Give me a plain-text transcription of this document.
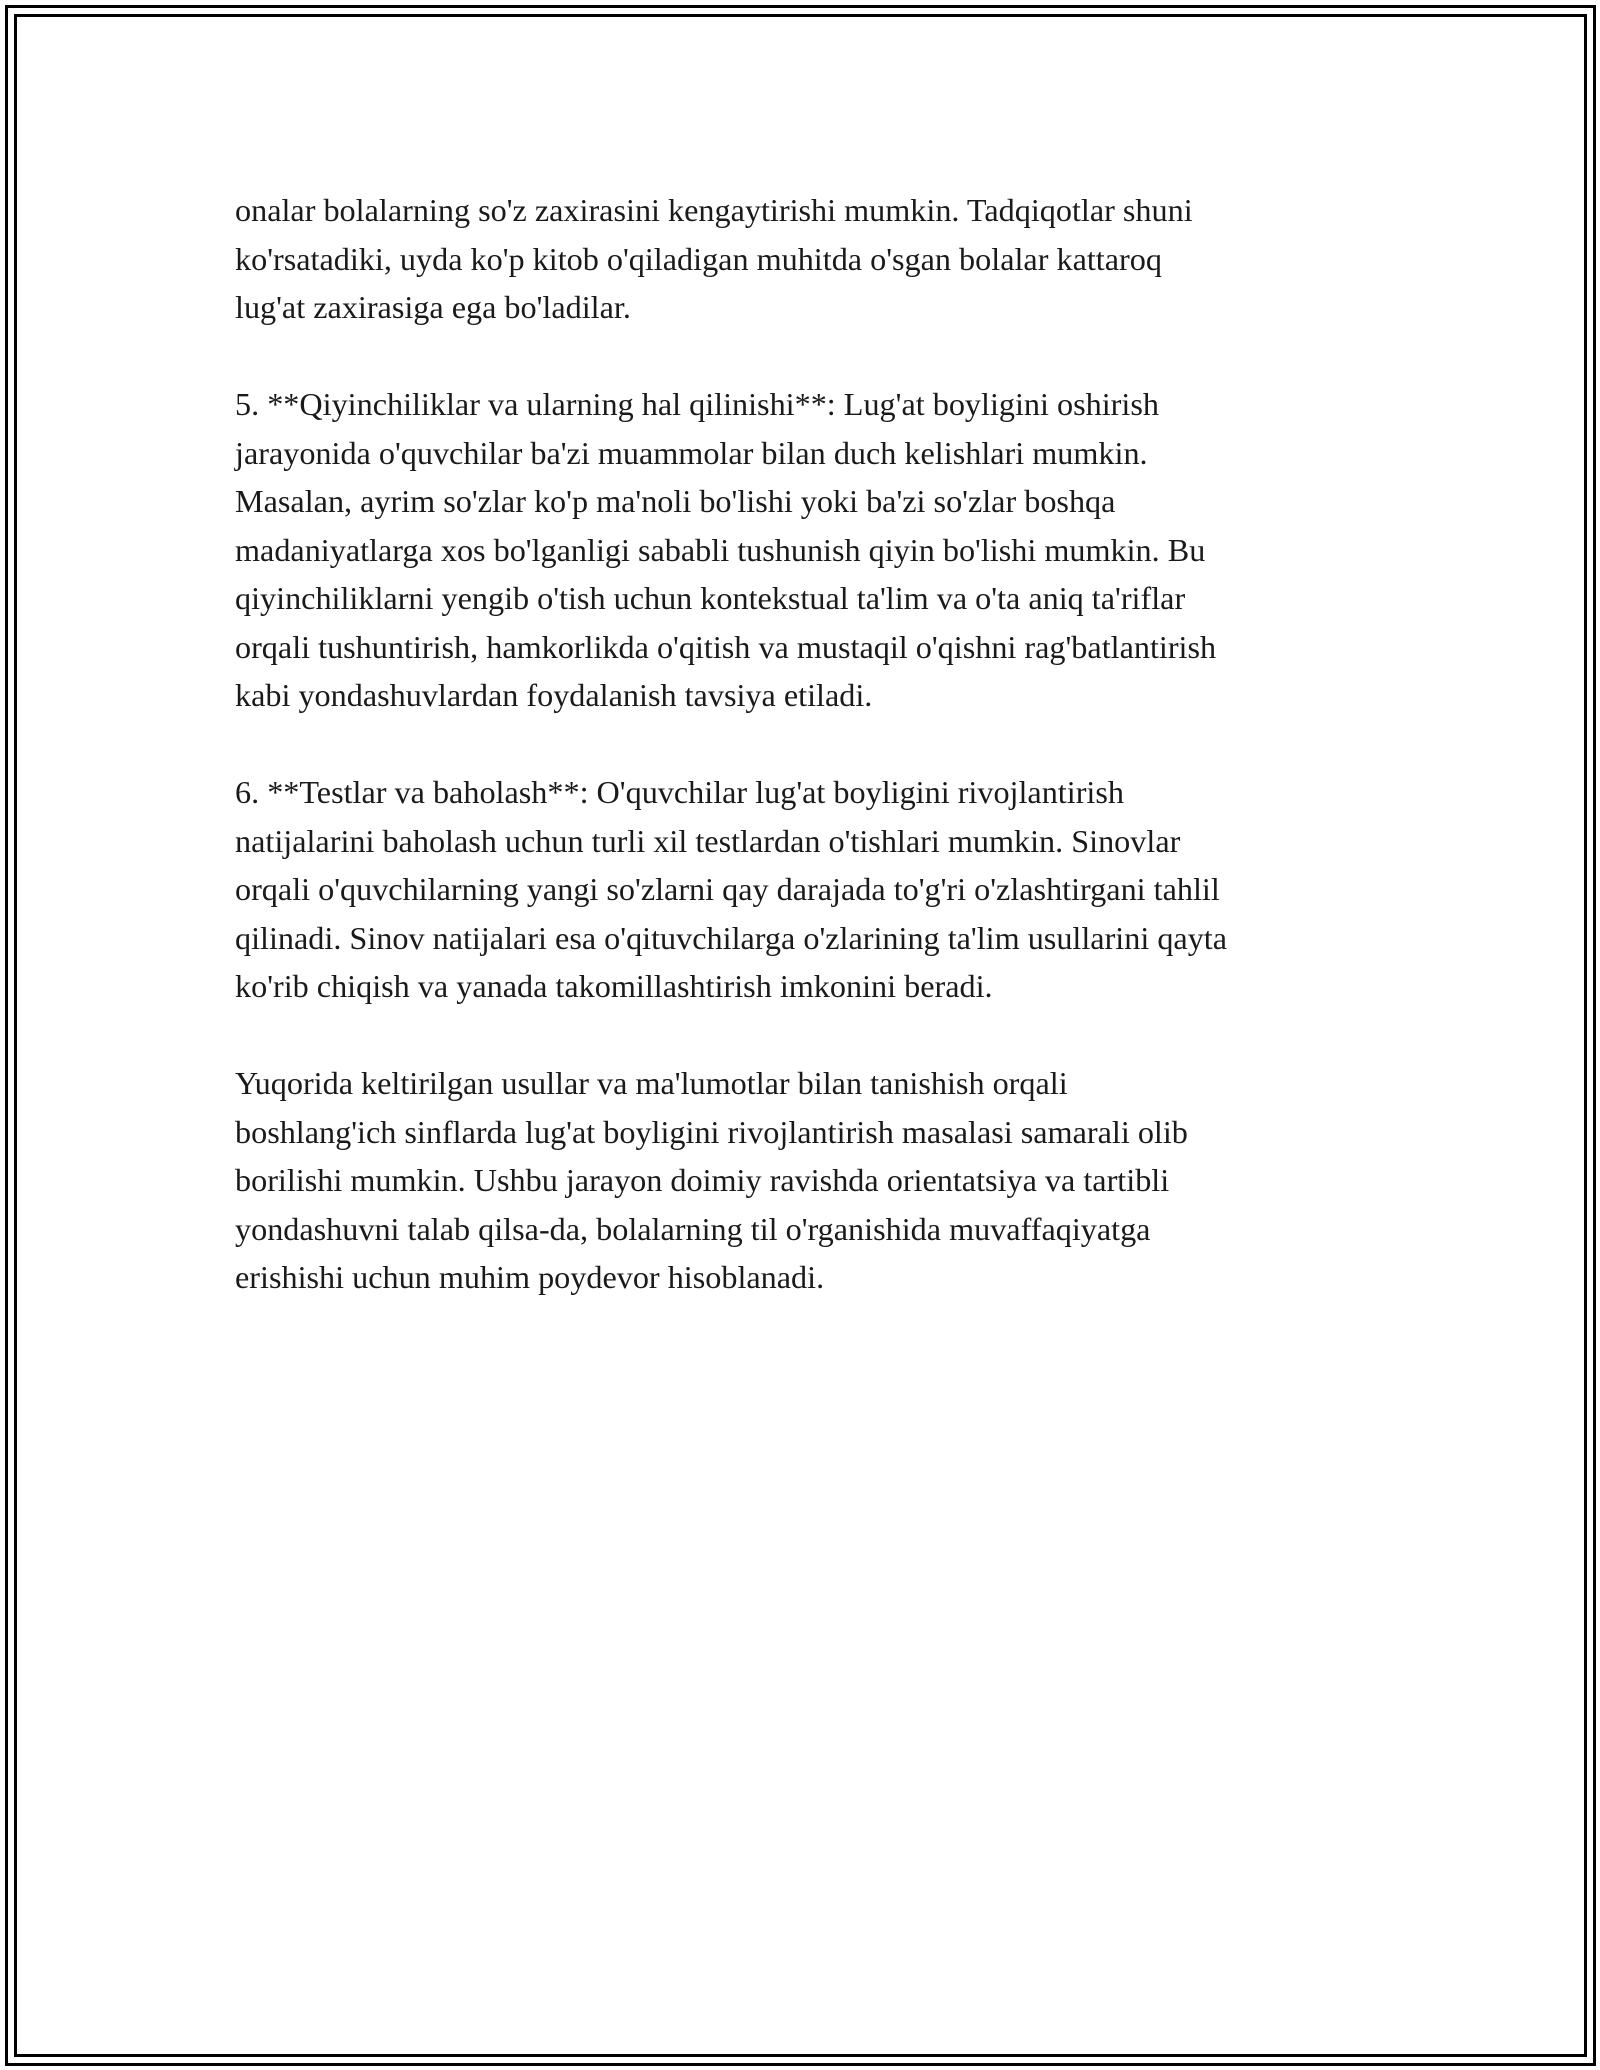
onalar bolalarning so'z zaxirasini kengaytirishi mumkin. Tadqiqotlar shuni
ko'rsatadiki, uyda ko'p kitob o'qiladigan muhitda o'sgan bolalar kattaroq
lug'at zaxirasiga ega bo'ladilar.

5. **Qiyinchiliklar va ularning hal qilinishi**: Lug'at boyligini oshirish
jarayonida o'quvchilar ba'zi muammolar bilan duch kelishlari mumkin.
Masalan, ayrim so'zlar ko'p ma'noli bo'lishi yoki ba'zi so'zlar boshqa
madaniyatlarga xos bo'lganligi sababli tushunish qiyin bo'lishi mumkin. Bu
qiyinchiliklarni yengib o'tish uchun kontekstual ta'lim va o'ta aniq ta'riflar
orqali tushuntirish, hamkorlikda o'qitish va mustaqil o'qishni rag'batlantirish
kabi yondashuvlardan foydalanish tavsiya etiladi.

6. **Testlar va baholash**: O'quvchilar lug'at boyligini rivojlantirish
natijalarini baholash uchun turli xil testlardan o'tishlari mumkin. Sinovlar
orqali o'quvchilarning yangi so'zlarni qay darajada to'g'ri o'zlashtirgani tahlil
qilinadi. Sinov natijalari esa o'qituvchilarga o'zlarining ta'lim usullarini qayta
ko'rib chiqish va yanada takomillashtirish imkonini beradi.

Yuqorida keltirilgan usullar va ma'lumotlar bilan tanishish orqali
boshlang'ich sinflarda lug'at boyligini rivojlantirish masalasi samarali olib
borilishi mumkin. Ushbu jarayon doimiy ravishda orientatsiya va tartibli
yondashuvni talab qilsa-da, bolalarning til o'rganishida muvaffaqiyatga
erishishi uchun muhim poydevor hisoblanadi.
